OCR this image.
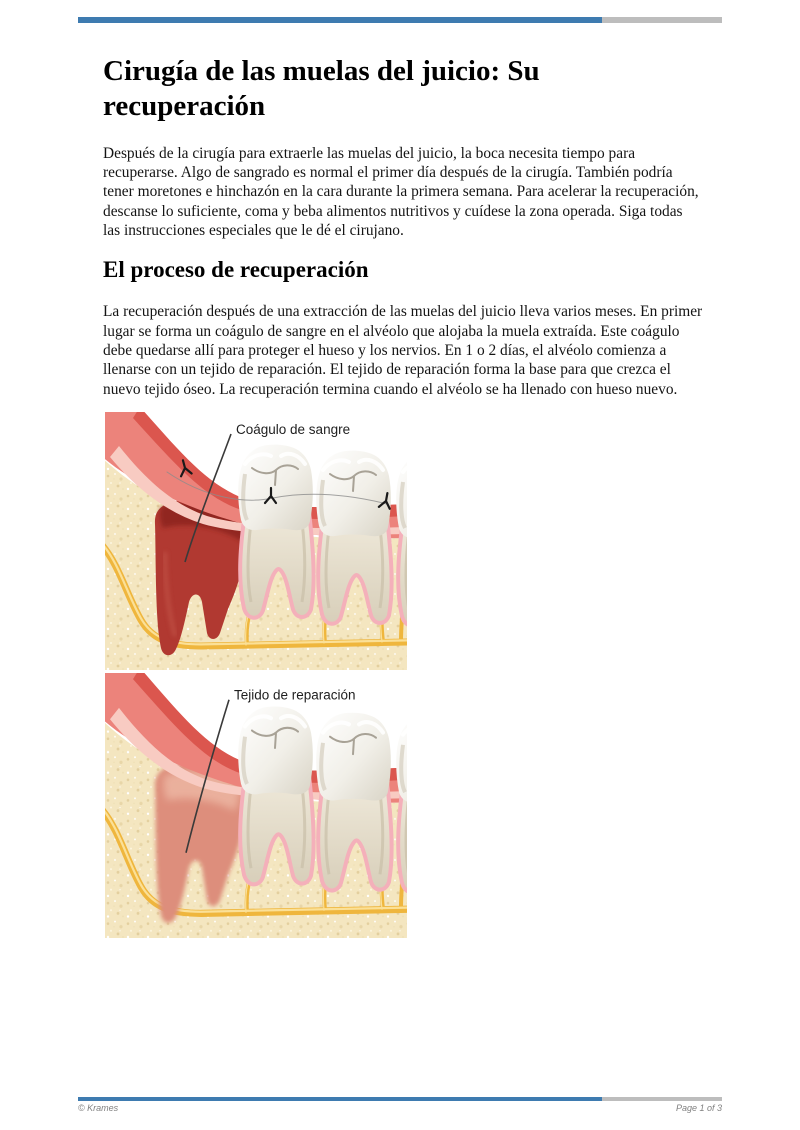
Cirugía de las muelas del juicio: Su recuperación

Después de la cirugía para extraerle las muelas del juicio, la boca necesita tiempo para recuperarse. Algo de sangrado es normal el primer día después de la cirugía. También podría tener moretones e hinchazón en la cara durante la primera semana. Para acelerar la recuperación, descanse lo suficiente, coma y beba alimentos nutritivos y cuídese la zona operada. Siga todas las instrucciones especiales que le dé el cirujano.

El proceso de recuperación

La recuperación después de una extracción de las muelas del juicio lleva varios meses. En primer lugar se forma un coágulo de sangre en el alvéolo que alojaba la muela extraída. Este coágulo debe quedarse allí para proteger el hueso y los nervios. En 1 o 2 días, el alvéolo comienza a llenarse con un tejido de reparación. El tejido de reparación forma la base para que crezca el nuevo tejido óseo. La recuperación termina cuando el alvéolo se ha llenado con hueso nuevo.

Coágulo de sangre
Tejido de reparación
© Krames	Page 1 of 3
